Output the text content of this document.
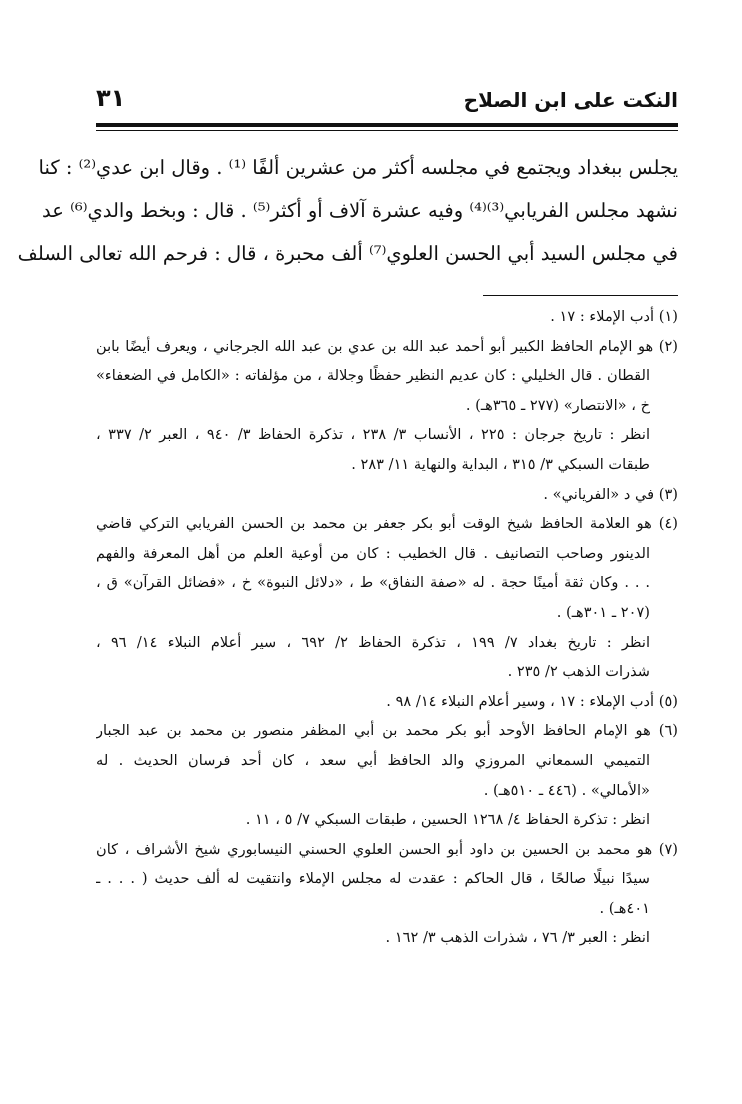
النكت على ابن الصلاح
٣١
يجلس ببغداد ويجتمع في مجلسه أكثر من عشرين ألفًا ⁽¹⁾ . وقال ابن عدي⁽²⁾ : كنا
نشهد مجلس الفريابي⁽³⁾⁽⁴⁾ وفيه عشرة آلاف أو أكثر⁽⁵⁾ . قال : وبخط والدي⁽⁶⁾ عد
في مجلس السيد أبي الحسن العلوي⁽⁷⁾ ألف محبرة ، قال : فرحم الله تعالى السلف
(١) أدب الإملاء : ١٧ .
(٢) هو الإمام الحافظ الكبير أبو أحمد عبد الله بن عدي بن عبد الله الجرجاني ، ويعرف أيضًا بابن
القطان . قال الخليلي : كان عديم النظير حفظًا وجلالة ، من مؤلفاته : «الكامل في الضعفاء»
خ ، «الانتصار» (٢٧٧ ـ ٣٦٥هـ) .
انظر : تاريخ جرجان : ٢٢٥ ، الأنساب ٣/ ٢٣٨ ، تذكرة الحفاظ ٣/ ٩٤٠ ، العبر ٢/ ٣٣٧ ،
طبقات السبكي ٣/ ٣١٥ ، البداية والنهاية ١١/ ٢٨٣ .
(٣) في د «الفرياني» .
(٤) هو العلامة الحافظ شيخ الوقت أبو بكر جعفر بن محمد بن الحسن الفريابي التركي قاضي
الدينور وصاحب التصانيف . قال الخطيب : كان من أوعية العلم من أهل المعرفة والفهم
. . . وكان ثقة أمينًا حجة . له «صفة النفاق» ط ، «دلائل النبوة» خ ، «فضائل القرآن» ق ،
(٢٠٧ ـ ٣٠١هـ) .
انظر : تاريخ بغداد ٧/ ١٩٩ ، تذكرة الحفاظ ٢/ ٦٩٢ ، سير أعلام النبلاء ١٤/ ٩٦ ،
شذرات الذهب ٢/ ٢٣٥ .
(٥) أدب الإملاء : ١٧ ، وسير أعلام النبلاء ١٤/ ٩٨ .
(٦) هو الإمام الحافظ الأوحد أبو بكر محمد بن أبي المظفر منصور بن محمد بن عبد الجبار
التميمي السمعاني المروزي والد الحافظ أبي سعد ، كان أحد فرسان الحديث . له
«الأمالي» . (٤٤٦ ـ ٥١٠هـ) .
انظر : تذكرة الحفاظ ٤/ ١٢٦٨ الحسين ، طبقات السبكي ٧/ ٥ ، ١١ .
(٧) هو محمد بن الحسين بن داود أبو الحسن العلوي الحسني النيسابوري شيخ الأشراف ، كان
سيدًا نبيلًا صالحًا ، قال الحاكم : عقدت له مجلس الإملاء وانتقيت له ألف حديث ( . . . ـ
٤٠١هـ) .
انظر : العبر ٣/ ٧٦ ، شذرات الذهب ٣/ ١٦٢ .
